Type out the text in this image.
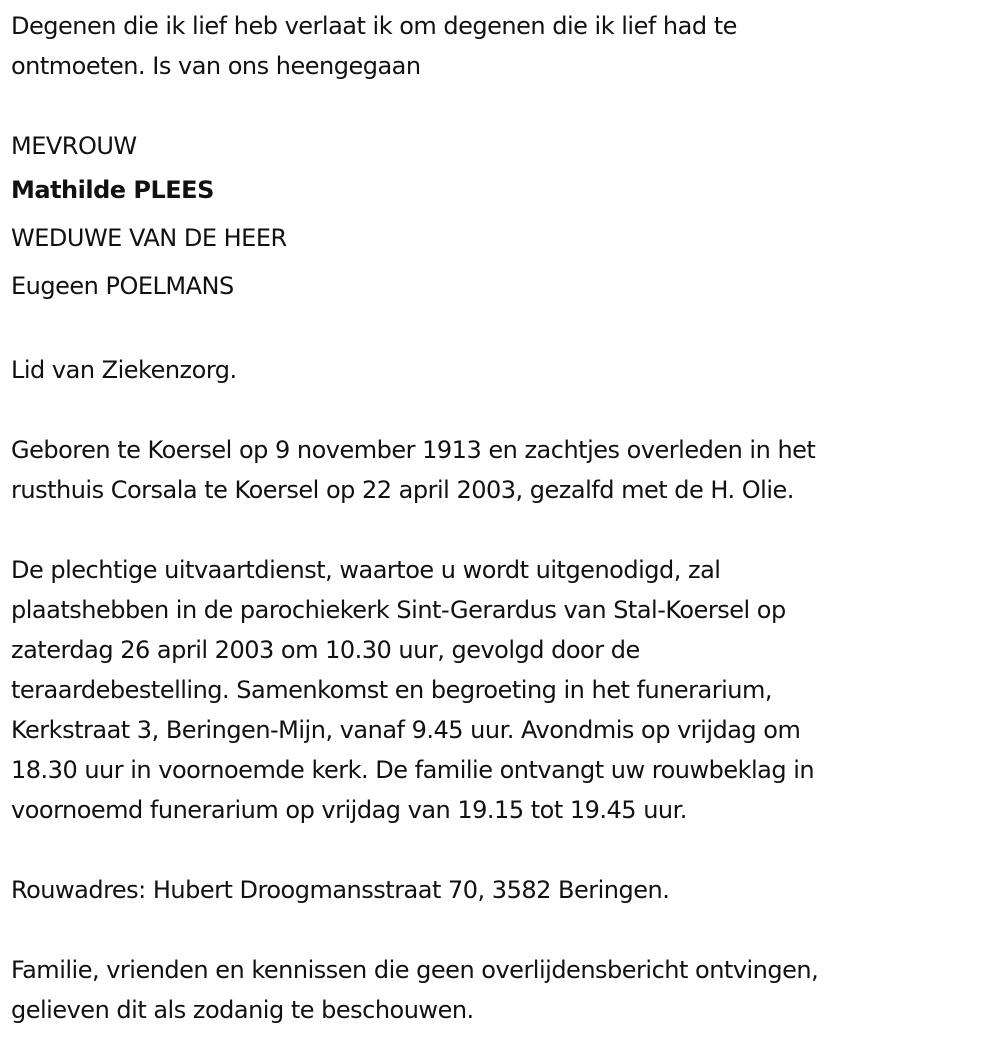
Degenen die ik lief heb verlaat ik om degenen die ik lief had te
ontmoeten. Is van ons heengegaan
MEVROUW
Mathilde PLEES
WEDUWE VAN DE HEER
Eugeen POELMANS
Lid van Ziekenzorg.
Geboren te Koersel op 9 november 1913 en zachtjes overleden in het
rusthuis Corsala te Koersel op 22 april 2003, gezalfd met de H. Olie.
De plechtige uitvaartdienst, waartoe u wordt uitgenodigd, zal
plaatshebben in de parochiekerk Sint-Gerardus van Stal-Koersel op
zaterdag 26 april 2003 om 10.30 uur, gevolgd door de
teraardebestelling. Samenkomst en begroeting in het funerarium,
Kerkstraat 3, Beringen-Mijn, vanaf 9.45 uur. Avondmis op vrijdag om
18.30 uur in voornoemde kerk. De familie ontvangt uw rouwbeklag in
voornoemd funerarium op vrijdag van 19.15 tot 19.45 uur.
Rouwadres: Hubert Droogmansstraat 70, 3582 Beringen.
Familie, vrienden en kennissen die geen overlijdensbericht ontvingen,
gelieven dit als zodanig te beschouwen.
